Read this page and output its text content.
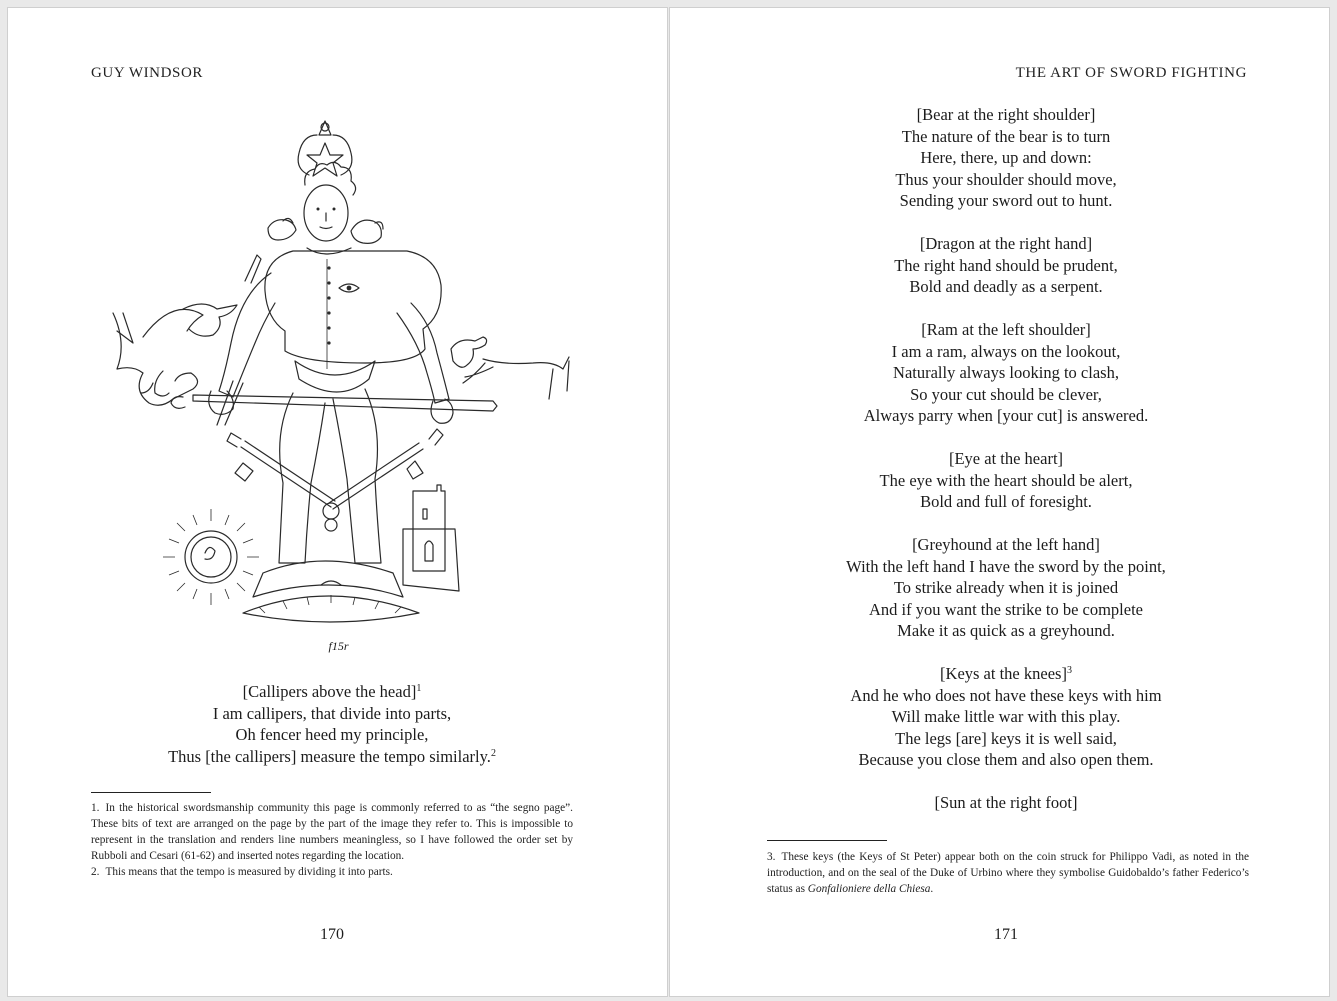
GUY WINDSOR
f15r
[Callipers above the head]$^1$
I am callipers, that divide into parts,
Oh fencer heed my principle,
Thus [the callipers] measure the tempo similarly.$^2$

1. In the historical swordsmanship community this page is commonly referred to as “the segno page”. These bits of text are arranged on the page by the part of the image they refer to. This is impossible to represent in the translation and renders line numbers meaningless, so I have followed the order set by Rubboli and Cesari (61-62) and inserted notes regarding the location.

2. This means that the tempo is measured by dividing it into parts.

170
THE ART OF SWORD FIGHTING
[Bear at the right shoulder]
The nature of the bear is to turn
Here, there, up and down:
Thus your shoulder should move,
Sending your sword out to hunt.
[Dragon at the right hand]
The right hand should be prudent,
Bold and deadly as a serpent.
[Ram at the left shoulder]
I am a ram, always on the lookout,
Naturally always looking to clash,
So your cut should be clever,
Always parry when [your cut] is answered.
[Eye at the heart]
The eye with the heart should be alert,
Bold and full of foresight.
[Greyhound at the left hand]
With the left hand I have the sword by the point,
To strike already when it is joined
And if you want the strike to be complete
Make it as quick as a greyhound.
[Keys at the knees]$^3$
And he who does not have these keys with him
Will make little war with this play.
The legs [are] keys it is well said,
Because you close them and also open them.
[Sun at the right foot]

3. These keys (the Keys of St Peter) appear both on the coin struck for Philippo Vadi, as noted in the introduction, and on the seal of the Duke of Urbino where they symbolise Guidobaldo’s father Federico’s status as Gonfalioniere della Chiesa.

171
